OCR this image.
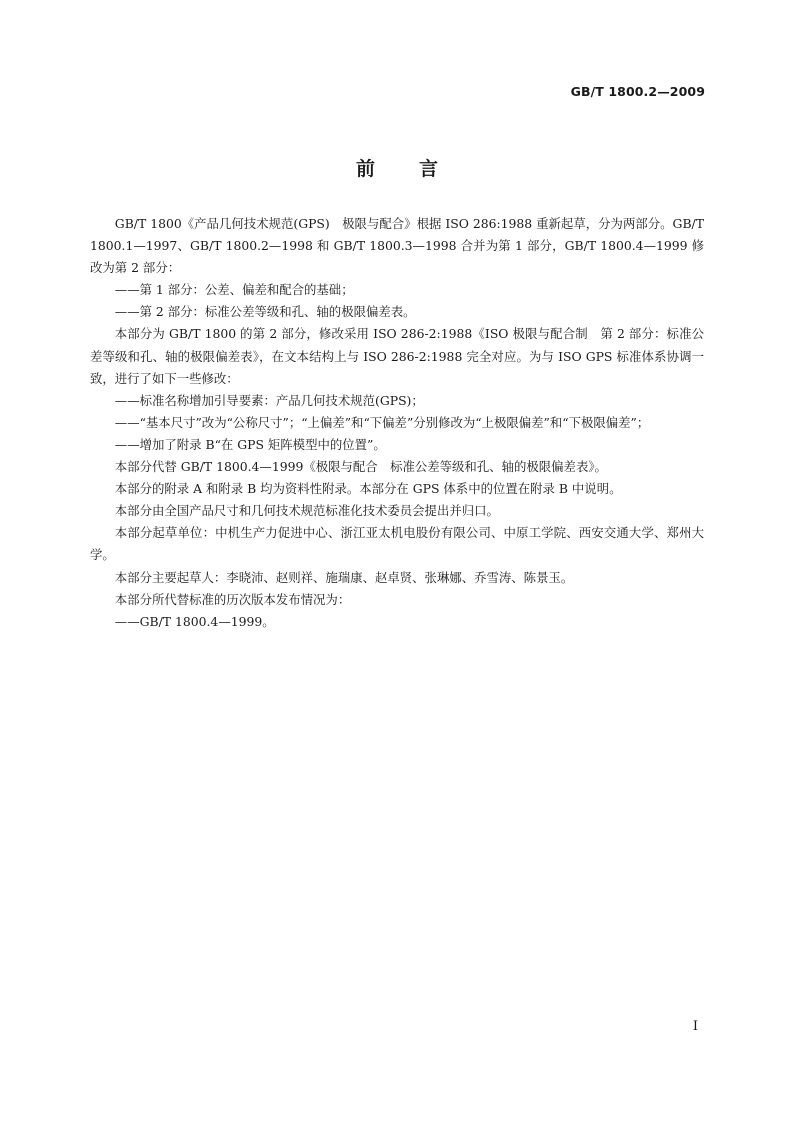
GB/T 1800.2—2009
前言

GB/T 1800《产品几何技术规范(GPS)　极限与配合》根据 ISO 286:1988 重新起草，分为两部分。GB/T 1800.1—1997、GB/T 1800.2—1998 和 GB/T 1800.3—1998 合并为第 1 部分，GB/T 1800.4—1999 修改为第 2 部分：

——第 1 部分：公差、偏差和配合的基础；

——第 2 部分：标准公差等级和孔、轴的极限偏差表。

本部分为 GB/T 1800 的第 2 部分，修改采用 ISO 286-2:1988《ISO 极限与配合制　第 2 部分：标准公差等级和孔、轴的极限偏差表》，在文本结构上与 ISO 286-2:1988 完全对应。为与 ISO GPS 标准体系协调一致，进行了如下一些修改：

——标准名称增加引导要素：产品几何技术规范(GPS)；

——“基本尺寸”改为“公称尺寸”；“上偏差”和“下偏差”分别修改为“上极限偏差”和“下极限偏差”；

——增加了附录 B“在 GPS 矩阵模型中的位置”。

本部分代替 GB/T 1800.4—1999《极限与配合　标准公差等级和孔、轴的极限偏差表》。

本部分的附录 A 和附录 B 均为资料性附录。本部分在 GPS 体系中的位置在附录 B 中说明。

本部分由全国产品尺寸和几何技术规范标准化技术委员会提出并归口。

本部分起草单位：中机生产力促进中心、浙江亚太机电股份有限公司、中原工学院、西安交通大学、郑州大学。

本部分主要起草人：李晓沛、赵则祥、施瑞康、赵卓贤、张琳娜、乔雪涛、陈景玉。

本部分所代替标准的历次版本发布情况为：

——GB/T 1800.4—1999。

I
